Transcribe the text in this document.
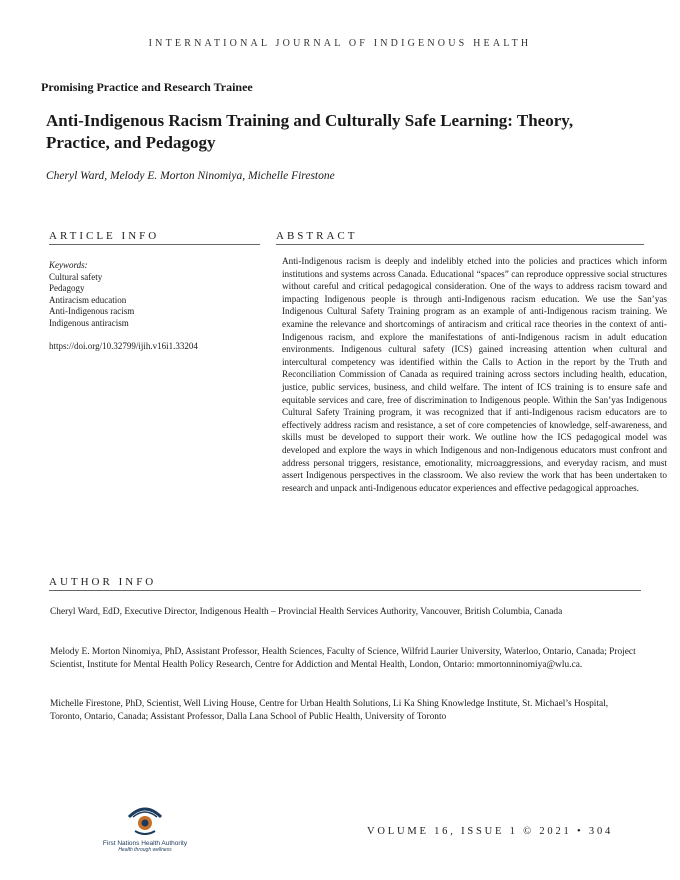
INTERNATIONAL JOURNAL OF INDIGENOUS HEALTH
Promising Practice and Research Trainee
Anti-Indigenous Racism Training and Culturally Safe Learning: Theory, Practice, and Pedagogy
Cheryl Ward, Melody E. Morton Ninomiya, Michelle Firestone
ARTICLE INFO	ABSTRACT
Keywords:
Cultural safety
Pedagogy
Antiracism education
Anti-Indigenous racism
Indigenous antiracism
https://doi.org/10.32799/ijih.v16i1.33204

Anti-Indigenous racism is deeply and indelibly etched into the policies and practices which inform institutions and systems across Canada. Educational “spaces” can reproduce oppressive social structures without careful and critical pedagogical consideration. One of the ways to address racism toward and impacting Indigenous people is through anti-Indigenous racism education. We use the San’yas Indigenous Cultural Safety Training program as an example of anti-Indigenous racism training. We examine the relevance and shortcomings of antiracism and critical race theories in the context of anti-Indigenous racism, and explore the manifestations of anti-Indigenous racism in adult education environments. Indigenous cultural safety (ICS) gained increasing attention when cultural and intercultural competency was identified within the Calls to Action in the report by the Truth and Reconciliation Commission of Canada as required training across sectors including health, education, justice, public services, business, and child welfare. The intent of ICS training is to ensure safe and equitable services and care, free of discrimination to Indigenous people. Within the San’yas Indigenous Cultural Safety Training program, it was recognized that if anti-Indigenous racism educators are to effectively address racism and resistance, a set of core competencies of knowledge, self-awareness, and skills must be developed to support their work. We outline how the ICS pedagogical model was developed and explore the ways in which Indigenous and non-Indigenous educators must confront and address personal triggers, resistance, emotionality, microaggressions, and everyday racism, and must assert Indigenous perspectives in the classroom. We also review the work that has been undertaken to research and unpack anti-Indigenous educator experiences and effective pedagogical approaches.

AUTHOR INFO

Cheryl Ward, EdD, Executive Director, Indigenous Health – Provincial Health Services Authority, Vancouver, British Columbia, Canada

Melody E. Morton Ninomiya, PhD, Assistant Professor, Health Sciences, Faculty of Science, Wilfrid Laurier University, Waterloo, Ontario, Canada; Project Scientist, Institute for Mental Health Policy Research, Centre for Addiction and Mental Health, London, Ontario: mmortonninomiya@wlu.ca.

Michelle Firestone, PhD, Scientist, Well Living House, Centre for Urban Health Solutions, Li Ka Shing Knowledge Institute, St. Michael’s Hospital, Toronto, Ontario, Canada; Assistant Professor, Dalla Lana School of Public Health, University of Toronto

First Nations Health Authority
Health through wellness
VOLUME 16, ISSUE 1 © 2021 • 304
